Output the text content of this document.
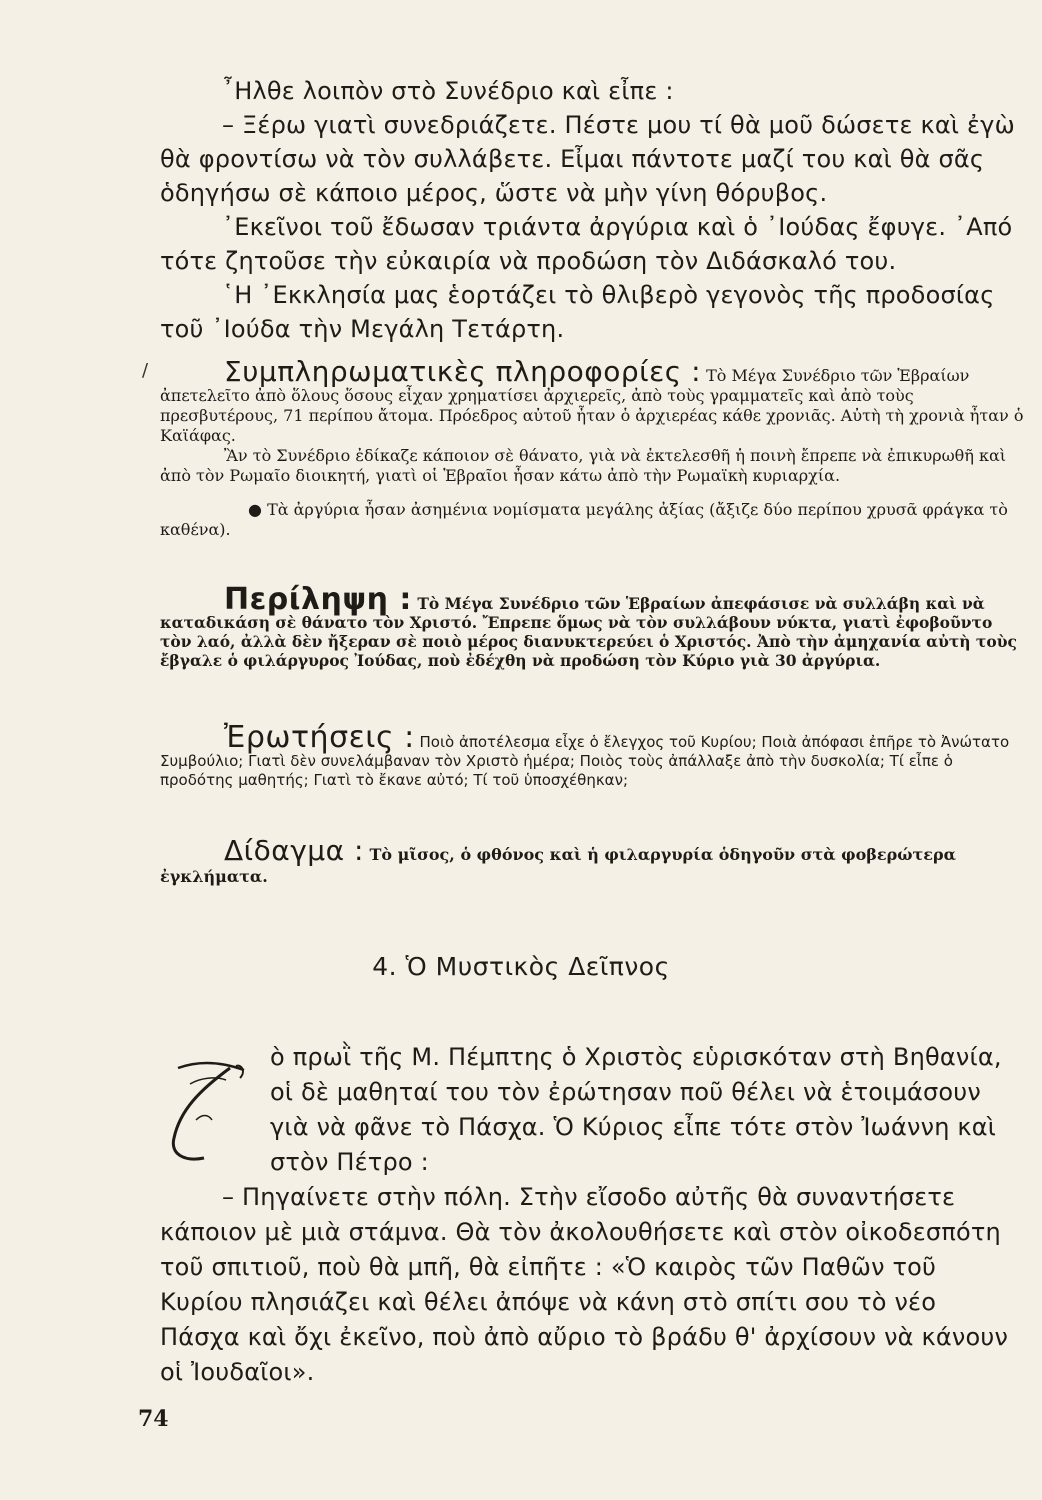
῏Ηλθε λοιπὸν στὸ Συνέδριο καὶ εἶπε :

– Ξέρω γιατὶ συνεδριάζετε. Πέστε μου τί θὰ μοῦ δώσετε καὶ ἐγὼ θὰ φροντίσω νὰ τὸν συλλάβετε. Εἶμαι πάντοτε μαζί του καὶ θὰ σᾶς ὁδηγήσω σὲ κάποιο μέρος, ὥστε νὰ μὴν γίνη θόρυβος.

᾿Εκεῖνοι τοῦ ἔδωσαν τριάντα ἀργύρια καὶ ὁ ᾿Ιούδας ἔφυγε. ᾿Από τότε ζητοῦσε τὴν εὐκαιρία νὰ προδώση τὸν Διδάσκαλό του.

῾Η ᾿Εκκλησία μας ἑορτάζει τὸ θλιβερὸ γεγονὸς τῆς προδοσίας τοῦ ᾿Ιούδα τὴν Μεγάλη Τετάρτη.

/	Συμπληρωματικὲς πληροφορίες : Τὸ Μέγα Συνέδριο τῶν Ἑβραίων ἀπετελεῖτο ἀπὸ ὅλους ὅσους εἶχαν χρηματίσει ἀρχιερεῖς, ἀπὸ τοὺς γραμματεῖς καὶ ἀπὸ τοὺς πρεσβυτέρους, 71 περίπου ἄτομα. Πρόεδρος αὐτοῦ ἦταν ὁ ἀρχιερέας κάθε χρονιᾶς. Αὐτὴ τὴ χρονιὰ ἦταν ὁ Καϊάφας.

Ἂν τὸ Συνέδριο ἐδίκαζε κάποιον σὲ θάνατο, γιὰ νὰ ἐκτελεσθῆ ἡ ποινὴ ἔπρεπε νὰ ἐπικυρωθῆ καὶ ἀπὸ τὸν Ρωμαῖο διοικητή, γιατὶ οἱ Ἑβραῖοι ἦσαν κάτω ἀπὸ τὴν Ρωμαϊκὴ κυριαρχία.

● Τὰ ἀργύρια ἦσαν ἀσημένια νομίσματα μεγάλης ἀξίας (ἄξιζε δύο περίπου χρυσᾶ φράγκα τὸ καθένα).

Περίληψη : Τὸ Μέγα Συνέδριο τῶν Ἑβραίων ἀπεφάσισε νὰ συλλάβη καὶ νὰ καταδικάση σὲ θάνατο τὸν Χριστό. Ἔπρεπε ὅμως νὰ τὸν συλλάβουν νύκτα, γιατὶ ἐφοβοῦντο τὸν λαό, ἀλλὰ δὲν ἤξεραν σὲ ποιὸ μέρος διανυκτερεύει ὁ Χριστός. Ἀπὸ τὴν ἀμηχανία αὐτὴ τοὺς ἔβγαλε ὁ φιλάργυρος Ἰούδας, ποὺ ἐδέχθη νὰ προδώση τὸν Κύριο γιὰ 30 ἀργύρια.

Ἐρωτήσεις : Ποιὸ ἀποτέλεσμα εἶχε ὁ ἔλεγχος τοῦ Κυρίου; Ποιὰ ἀπόφασι ἐπῆρε τὸ Ἀνώτατο Συμβούλιο; Γιατὶ δὲν συνελάμβαναν τὸν Χριστὸ ἡμέρα; Ποιὸς τοὺς ἀπάλλαξε ἀπὸ τὴν δυσκολία; Τί εἶπε ὁ προδότης μαθητής; Γιατὶ τὸ ἔκανε αὐτό; Τί τοῦ ὑποσχέθηκαν;

Δίδαγμα : Τὸ μῖσος, ὁ φθόνος καὶ ἡ φιλαργυρία ὁδηγοῦν στὰ φοβερώτερα ἐγκλήματα.

4. Ὁ Μυστικὸς Δεῖπνος

ὸ πρωῒ τῆς Μ. Πέμπτης ὁ Χριστὸς εὑρισκόταν στὴ Βηθανία, οἱ δὲ μαθηταί του τὸν ἐρώτησαν ποῦ θέλει νὰ ἑτοιμάσουν γιὰ νὰ φᾶνε τὸ Πάσχα. Ὁ Κύριος εἶπε τότε στὸν Ἰωάννη καὶ στὸν Πέτρο :

– Πηγαίνετε στὴν πόλη. Στὴν εἴσοδο αὐτῆς θὰ συναντήσετε κάποιον μὲ μιὰ στάμνα. Θὰ τὸν ἀκολουθήσετε καὶ στὸν οἰκοδεσπότη τοῦ σπιτιοῦ, ποὺ θὰ μπῆ, θὰ εἰπῆτε : «Ὁ καιρὸς τῶν Παθῶν τοῦ Κυρίου πλησιάζει καὶ θέλει ἀπόψε νὰ κάνη στὸ σπίτι σου τὸ νέο Πάσχα καὶ ὄχι ἐκεῖνο, ποὺ ἀπὸ αὔριο τὸ βράδυ θ' ἀρχίσουν νὰ κάνουν οἱ Ἰουδαῖοι».

74
